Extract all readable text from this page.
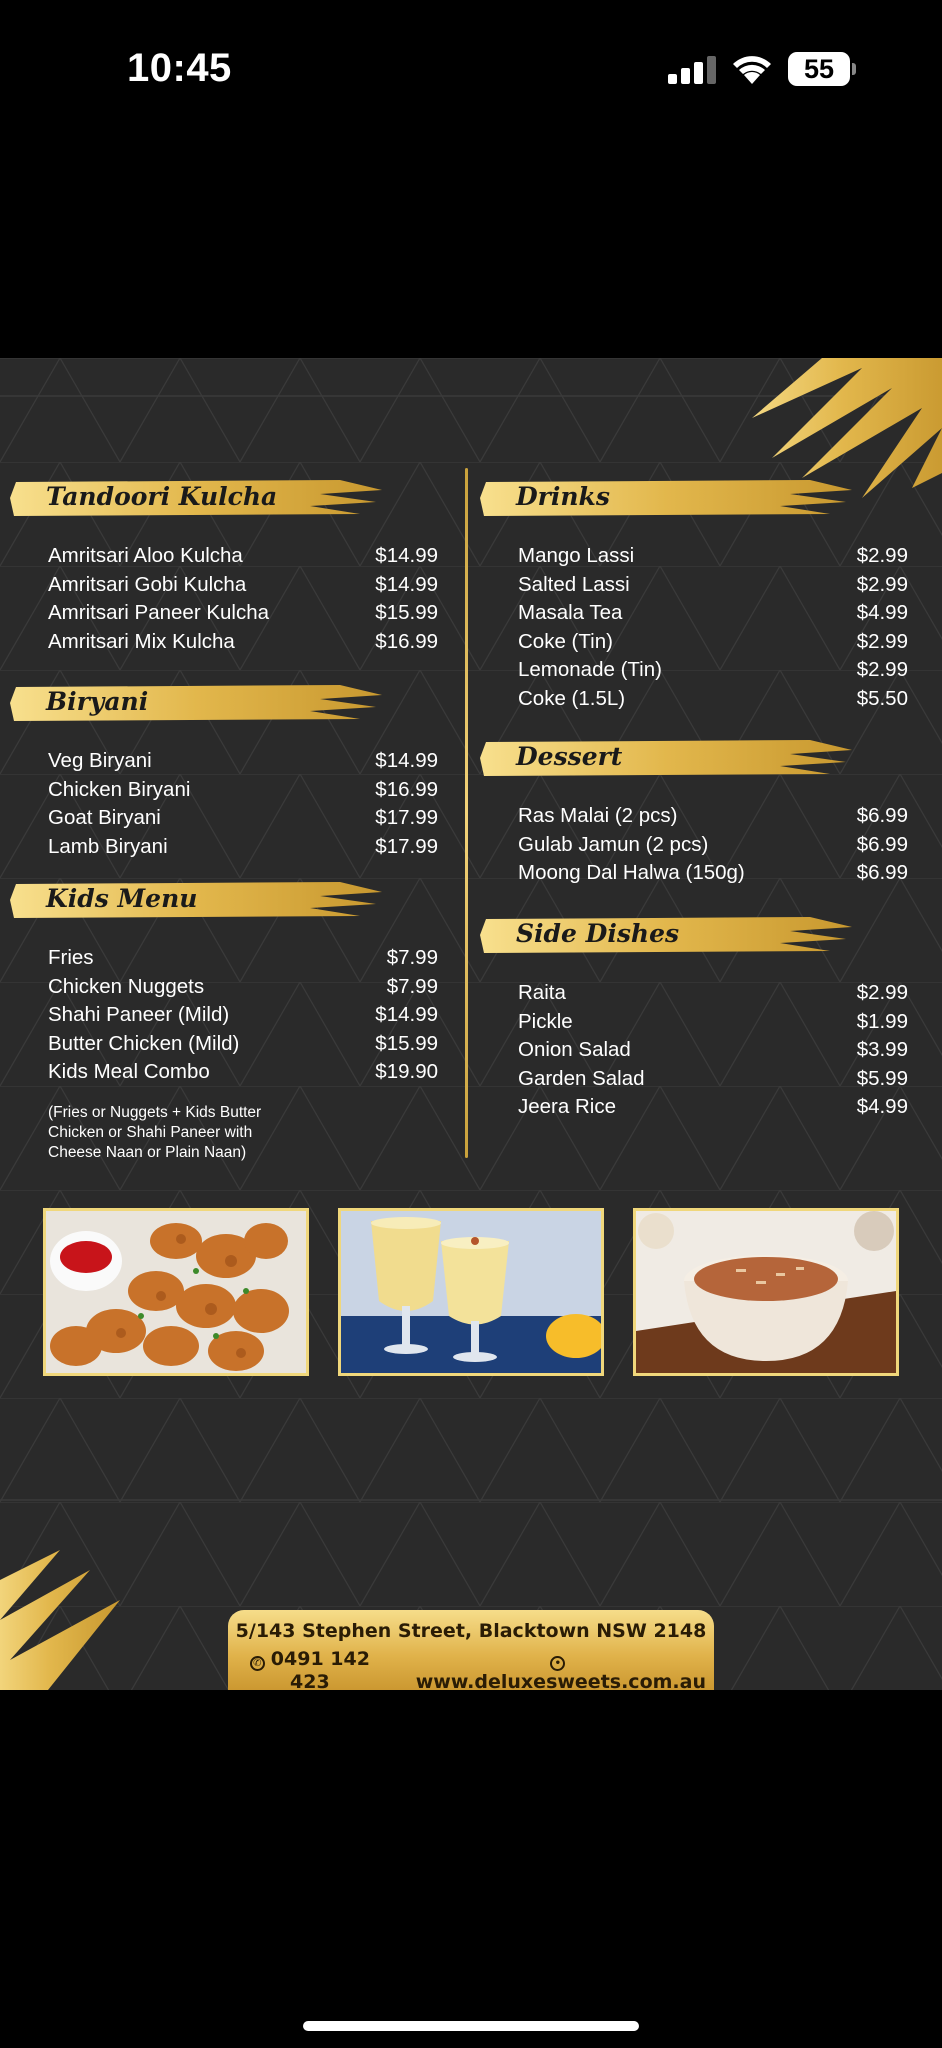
10:45	55
Tandoori Kulcha
Amritsari Aloo Kulcha	$14.99
Amritsari Gobi Kulcha	$14.99
Amritsari Paneer Kulcha	$15.99
Amritsari Mix Kulcha	$16.99
Biryani
Veg Biryani	$14.99
Chicken Biryani	$16.99
Goat Biryani	$17.99
Lamb Biryani	$17.99
Kids Menu
Fries	$7.99
Chicken Nuggets	$7.99
Shahi Paneer (Mild)	$14.99
Butter Chicken (Mild)	$15.99
Kids Meal Combo	$19.90
(Fries or Nuggets + Kids Butter Chicken or Shahi Paneer with Cheese Naan or Plain Naan)
Drinks
Mango Lassi	$2.99
Salted Lassi	$2.99
Masala Tea	$4.99
Coke (Tin)	$2.99
Lemonade (Tin)	$2.99
Coke (1.5L)	$5.50
Dessert
Ras Malai (2 pcs)	$6.99
Gulab Jamun (2 pcs)	$6.99
Moong Dal Halwa (150g)	$6.99
Side Dishes
Raita	$2.99
Pickle	$1.99
Onion Salad	$3.99
Garden Salad	$5.99
Jeera Rice	$4.99
5/143 Stephen Street, Blacktown NSW 2148
✆ 0491 142 423
•www.deluxesweets.com.au
